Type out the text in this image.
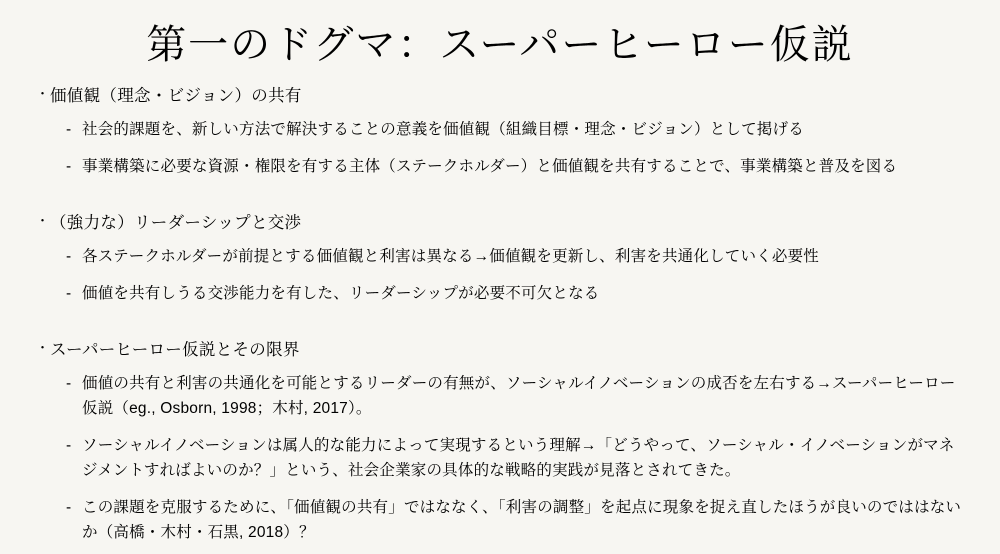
第一のドグマ：スーパーヒーロー仮説
・ 価値観（理念・ビジョン）の共有
- 社会的課題を、新しい方法で解決することの意義を価値観（組織目標・理念・ビジョン）として掲げる
- 事業構築に必要な資源・権限を有する主体（ステークホルダー）と価値観を共有することで、事業構築と普及を図る
・ （強力な）リーダーシップと交渉
- 各ステークホルダーが前提とする価値観と利害は異なる→価値観を更新し、利害を共通化していく必要性
- 価値を共有しうる交渉能力を有した、リーダーシップが必要不可欠となる
・ スーパーヒーロー仮説とその限界
- 価値の共有と利害の共通化を可能とするリーダーの有無が、ソーシャルイノベーションの成否を左右する→スーパーヒーロー仮説（eg., Osborn, 1998；木村, 2017）。
- ソーシャルイノベーションは属人的な能力によって実現するという理解→「どうやって、ソーシャル・イノベーションがマネジメントすればよいのか？」という、社会企業家の具体的な戦略的実践が見落とされてきた。
- この課題を克服するために、「価値観の共有」ではななく、「利害の調整」を起点に現象を捉え直したほうが良いのでははないか（高橋・木村・石黒, 2018）？
